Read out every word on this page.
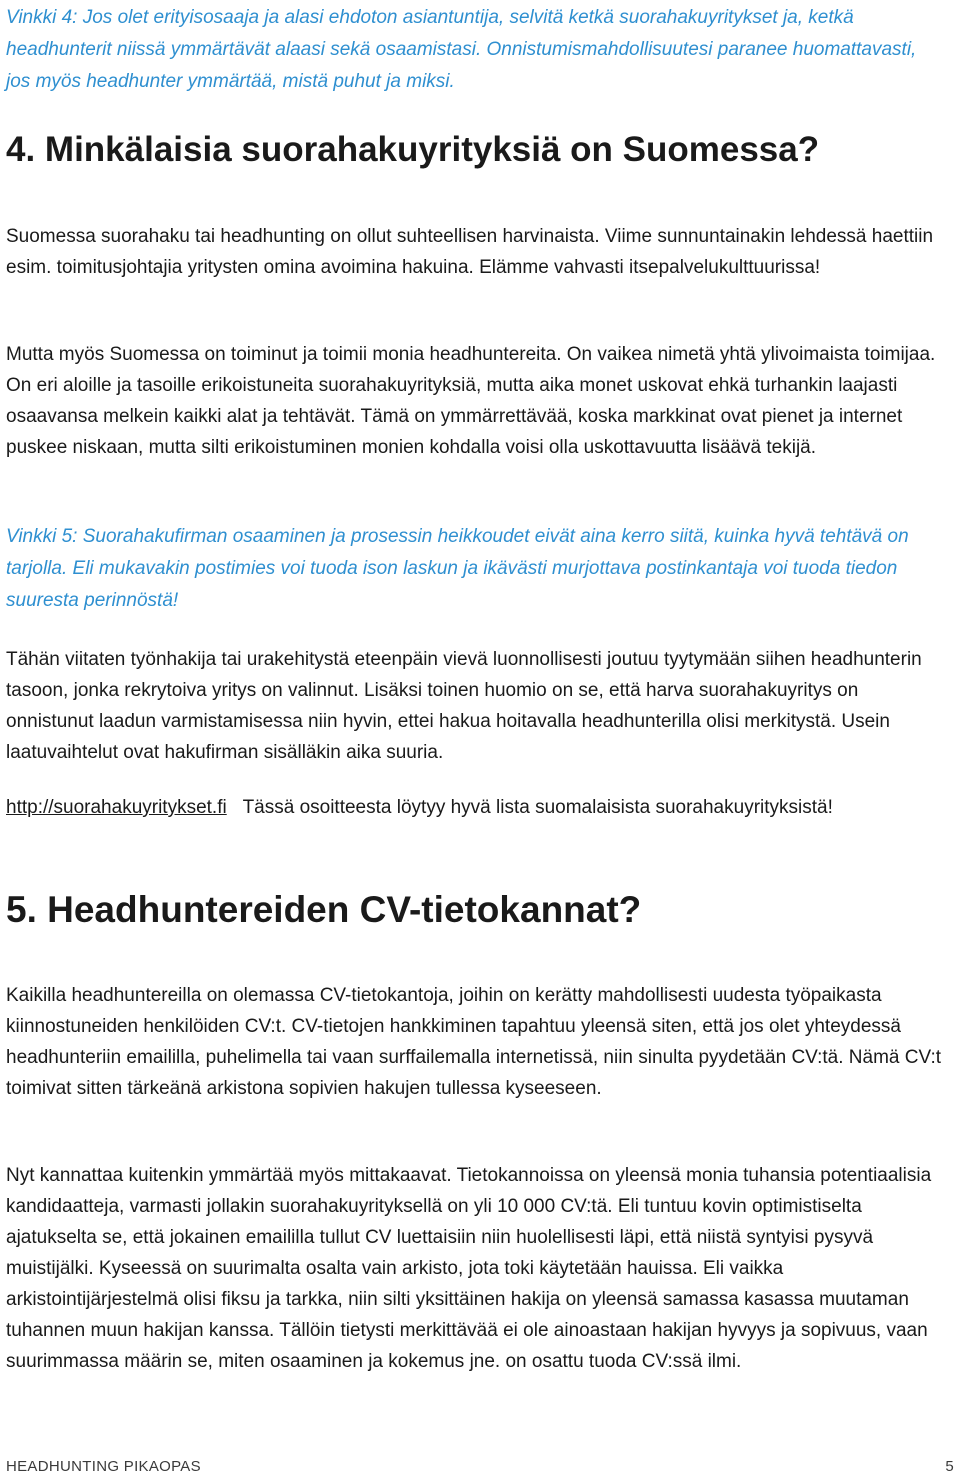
Vinkki 4: Jos olet erityisosaaja ja alasi ehdoton asiantuntija, selvitä ketkä suorahakuyritykset ja, ketkä headhunterit niissä ymmärtävät alaasi sekä osaamistasi. Onnistumismahdollisuutesi paranee huomattavasti, jos myös headhunter ymmärtää, mistä puhut ja miksi.

4. Minkälaisia suorahakuyrityksiä on Suomessa?

Suomessa suorahaku tai headhunting on ollut suhteellisen harvinaista. Viime sunnuntainakin lehdessä haettiin esim. toimitusjohtajia yritysten omina avoimina hakuina. Elämme vahvasti itsepalvelukulttuurissa!

Mutta myös Suomessa on toiminut ja toimii monia headhuntereita. On vaikea nimetä yhtä ylivoimaista toimijaa. On eri aloille ja tasoille erikoistuneita suorahakuyrityksiä, mutta aika monet uskovat ehkä turhankin laajasti osaavansa melkein kaikki alat ja tehtävät. Tämä on ymmärrettävää, koska markkinat ovat pienet ja internet puskee niskaan, mutta silti erikoistuminen monien kohdalla voisi olla uskottavuutta lisäävä tekijä.

Vinkki 5: Suorahakufirman osaaminen ja prosessin heikkoudet eivät aina kerro siitä, kuinka hyvä tehtävä on tarjolla. Eli mukavakin postimies voi tuoda ison laskun ja ikävästi murjottava postinkantaja voi tuoda tiedon suuresta perinnöstä!

Tähän viitaten työnhakija tai urakehitystä eteenpäin vievä luonnollisesti joutuu tyytymään siihen headhunterin tasoon, jonka rekrytoiva yritys on valinnut. Lisäksi toinen huomio on se, että harva suorahakuyritys on onnistunut laadun varmistamisessa niin hyvin, ettei hakua hoitavalla headhunterilla olisi merkitystä. Usein laatuvaihtelut ovat hakufirman sisälläkin aika suuria.

http://suorahakuyritykset.fi Tässä osoitteesta löytyy hyvä lista suomalaisista suorahakuyrityksistä!

5. Headhuntereiden CV-tietokannat?

Kaikilla headhuntereilla on olemassa CV-tietokantoja, joihin on kerätty mahdollisesti uudesta työpaikasta kiinnostuneiden henkilöiden CV:t. CV-tietojen hankkiminen tapahtuu yleensä siten, että jos olet yhteydessä headhunteriin emaililla, puhelimella tai vaan surffailemalla internetissä, niin sinulta pyydetään CV:tä. Nämä CV:t toimivat sitten tärkeänä arkistona sopivien hakujen tullessa kyseeseen.

Nyt kannattaa kuitenkin ymmärtää myös mittakaavat. Tietokannoissa on yleensä monia tuhansia potentiaalisia kandidaatteja, varmasti jollakin suorahakuyrityksellä on yli 10 000 CV:tä. Eli tuntuu kovin optimistiselta ajatukselta se, että jokainen emaililla tullut CV luettaisiin niin huolellisesti läpi, että niistä syntyisi pysyvä muistijälki. Kyseessä on suurimalta osalta vain arkisto, jota toki käytetään hauissa. Eli vaikka arkistointijärjestelmä olisi fiksu ja tarkka, niin silti yksittäinen hakija on yleensä samassa kasassa muutaman tuhannen muun hakijan kanssa. Tällöin tietysti merkittävää ei ole ainoastaan hakijan hyvyys ja sopivuus, vaan suurimmassa määrin se, miten osaaminen ja kokemus jne. on osattu tuoda CV:ssä ilmi.

HEADHUNTING PIKAOPAS	5
